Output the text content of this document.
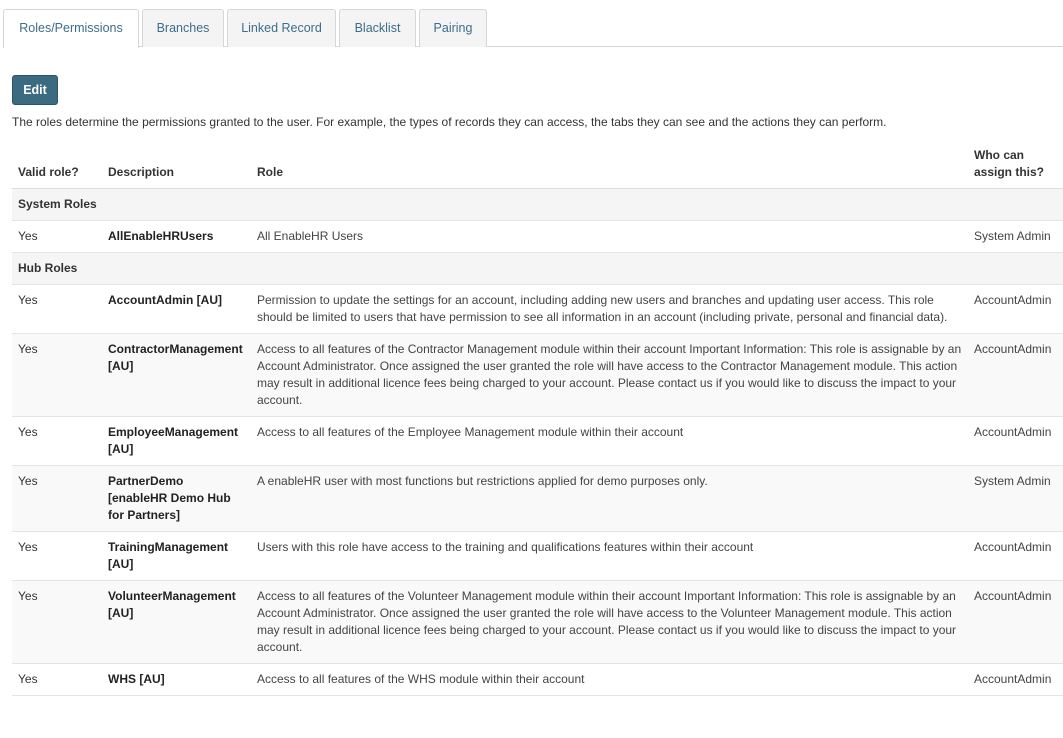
Roles/Permissions	Branches	Linked Record	Blacklist	Pairing
Edit
The roles determine the permissions granted to the user. For example, the types of records they can access, the tabs they can see and the actions they can perform.
Valid role?	Description	Role	Who can assign this?
System Roles			
Yes	AllEnableHRUsers	All EnableHR Users	System Admin
Hub Roles			
Yes	AccountAdmin [AU]	Permission to update the settings for an account, including adding new users and branches and updating user access. This role should be limited to users that have permission to see all information in an account (including private, personal and financial data).	AccountAdmin
Yes	ContractorManagement [AU]	Access to all features of the Contractor Management module within their account Important Information: This role is assignable by an Account Administrator. Once assigned the user granted the role will have access to the Contractor Management module. This action may result in additional licence fees being charged to your account. Please contact us if you would like to discuss the impact to your account.	AccountAdmin
Yes	EmployeeManagement [AU]	Access to all features of the Employee Management module within their account	AccountAdmin
Yes	PartnerDemo [enableHR Demo Hub for Partners]	A enableHR user with most functions but restrictions applied for demo purposes only.	System Admin
Yes	TrainingManagement [AU]	Users with this role have access to the training and qualifications features within their account	AccountAdmin
Yes	VolunteerManagement [AU]	Access to all features of the Volunteer Management module within their account Important Information: This role is assignable by an Account Administrator. Once assigned the user granted the role will have access to the Volunteer Management module. This action may result in additional licence fees being charged to your account. Please contact us if you would like to discuss the impact to your account.	AccountAdmin
Yes	WHS [AU]	Access to all features of the WHS module within their account	AccountAdmin
